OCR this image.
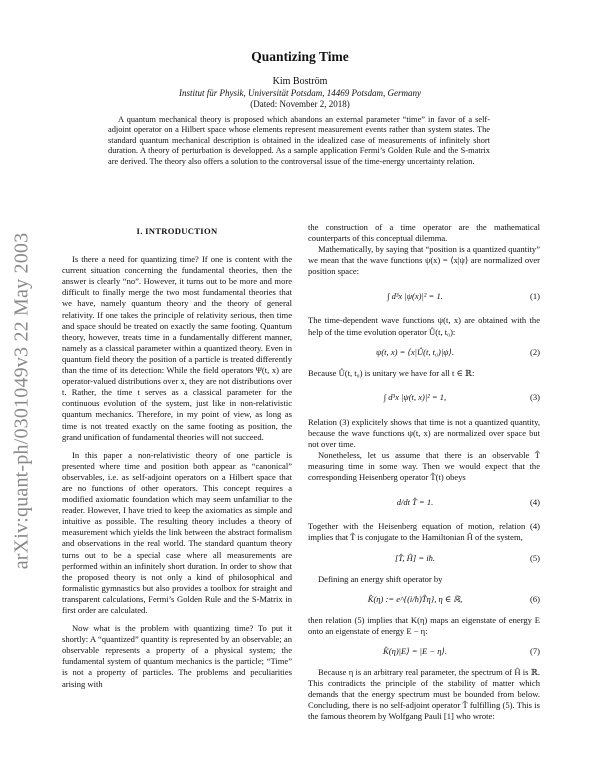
arXiv:quant-ph/0301049v3 22 May 2003
Quantizing Time
Kim Boström
Institut für Physik, Universität Potsdam, 14469 Potsdam, Germany
(Dated: November 2, 2018)
A quantum mechanical theory is proposed which abandons an external parameter “time” in favor of a self-adjoint operator on a Hilbert space whose elements represent measurement events rather than system states. The standard quantum mechanical description is obtained in the idealized case of measurements of infinitely short duration. A theory of perturbation is developped. As a sample application Fermi’s Golden Rule and the S-matrix are derived. The theory also offers a solution to the controversal issue of the time-energy uncertainty relation.
I. INTRODUCTION

Is there a need for quantizing time? If one is content with the current situation concerning the fundamental theories, then the answer is clearly “no”. However, it turns out to be more and more difficult to finally merge the two most fundamental theories that we have, namely quantum theory and the theory of general relativity. If one takes the principle of relativity serious, then time and space should be treated on exactly the same footing. Quantum theory, however, treats time in a fundamentally different manner, namely as a classical parameter within a quantized theory. Even in quantum field theory the position of a particle is treated differently than the time of its detection: While the field operators Ψ(t, x) are operator-valued distributions over x, they are not distributions over t. Rather, the time t serves as a classical parameter for the continuous evolution of the system, just like in non-relativistic quantum mechanics. Therefore, in my point of view, as long as time is not treated exactly on the same footing as position, the grand unification of fundamental theories will not succeed.

In this paper a non-relativistic theory of one particle is presented where time and position both appear as “canonical” observables, i.e. as self-adjoint operators on a Hilbert space that are no functions of other operators. This concept requires a modified axiomatic foundation which may seem unfamiliar to the reader. However, I have tried to keep the axiomatics as simple and intuitive as possible. The resulting theory includes a theory of measurement which yields the link between the abstract formalism and observations in the real world. The standard quantum theory turns out to be a special case where all measurements are performed within an infinitely short duration. In order to show that the proposed theory is not only a kind of philosophical and formalistic gymnastics but also provides a toolbox for straight and transparent calculations, Fermi’s Golden Rule and the S-Matrix in first order are calculated.

Now what is the problem with quantizing time? To put it shortly: A “quantized” quantity is represented by an observable; an observable represents a property of a physical system; the fundamental system of quantum mechanics is the particle; “Time” is not a property of particles. The problems and peculiarities arising with

the construction of a time operator are the mathematical counterparts of this conceptual dilemma.

Mathematically, by saying that “position is a quantized quantity” we mean that the wave functions ψ(x) = ⟨x|ψ⟩ are normalized over position space:

∫ d³x |ψ(x)|² = 1.	(1)

The time-dependent wave functions ψ(t, x) are obtained with the help of the time evolution operator Û(t, t₀):

ψ(t, x) = ⟨x|Û(t, t₀)|ψ⟩.	(2)

Because Û(t, t₀) is unitary we have for all t ∈ ℝ:

∫ d³x |ψ(t, x)|² = 1,	(3)

Relation (3) explicitely shows that time is not a quantized quantity, because the wave functions ψ(t, x) are normalized over space but not over time.

Nonetheless, let us assume that there is an observable T̂ measuring time in some way. Then we would expect that the corresponding Heisenberg operator T̂(t) obeys

d/dt T̂ = 1.	(4)

Together with the Heisenberg equation of motion, relation (4) implies that T̂ is conjugate to the Hamiltonian Ĥ of the system,

[T̂, Ĥ] = iħ.	(5)

Defining an energy shift operator by

K̂(η) := e^{(i/ħ)T̂η}, η ∈ ℝ,	(6)

then relation (5) implies that K(η) maps an eigenstate of energy E onto an eigenstate of energy E − η:

K̂(η)|E⟩ = |E − η⟩.	(7)

Because η is an arbitrary real parameter, the spectrum of Ĥ is ℝ. This contradicts the principle of the stability of matter which demands that the energy spectrum must be bounded from below. Concluding, there is no self-adjoint operator T̂ fulfilling (5). This is the famous theorem by Wolfgang Pauli [1] who wrote:
